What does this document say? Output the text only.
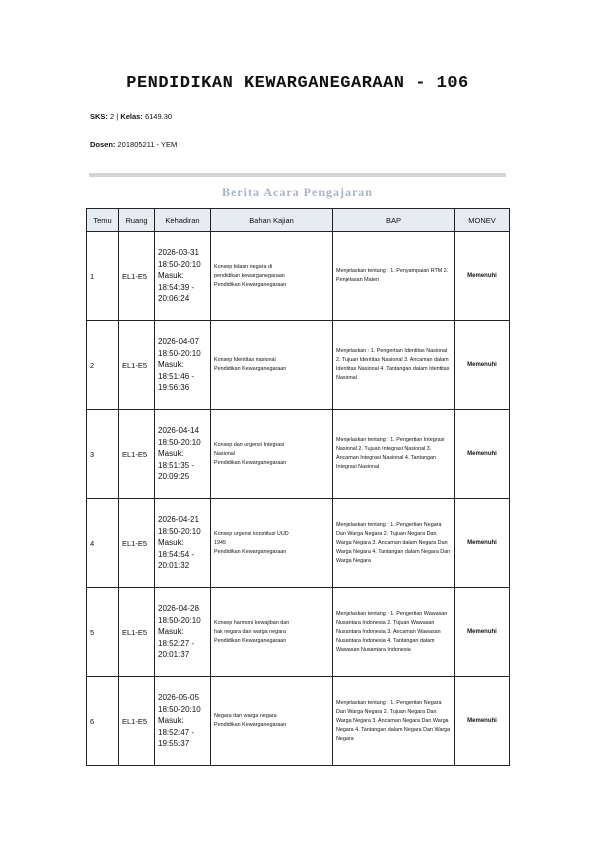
PENDIDIKAN KEWARGANEGARAAN - 106
SKS: 2 | Kelas: 6149.30
Dosen: 201805211 - YEM
Berita Acara Pengajaran
Temu	Ruang	Kehadiran	Bahan Kajian	BAP	MONEV
1	EL1-E5	2026-03-31 18:50-20:10 Masuk: 18:54:39 - 20:06:24	Konsep tidasn negara di
pendidikan kewarganegaraan
Pendidikan Kewarganegaraan	Menjelaskan tentang : 1. Penyampaian RTM 2. Penjelasan Materi	Memenuhi
2	EL1-E5	2026-04-07 18:50-20:10 Masuk: 18:51:46 - 19:56:36	Konsep Identitas nasional
Pendidikan Kewarganegaraan	Menjelaskan : 1. Pengertian Identitas Nasional 2. Tujuan Identitas Nasional 3. Ancaman dalam Identitas Nasional 4. Tantangan dalam Identitas Nasional	Memenuhi
3	EL1-E5	2026-04-14 18:50-20:10 Masuk: 18:51:35 - 20:09:25	Konsep dan urgensi Integrasi
Nasional
Pendidikan Kewarganegaraan	Menjelaskan tentang : 1. Pengertian Integrasi Nasional 2. Tujuan Integrasi Nasional 3. Ancaman Integrasi Nasional 4. Tantangan Integrasi Nasional	Memenuhi
4	EL1-E5	2026-04-21 18:50-20:10 Masuk: 18:54:54 - 20:01:32	Konsep urgensi konstitusi UUD
1945
Pendidikan Kewarganegaraan	Menjelaskan tentang : 1. Pengertian Negara Dan Warga Negara 2. Tujuan Negara Dan Warga Negara 3. Ancaman dalam Negara Dan Warga Negara 4. Tantangan dalam Negara Dan Warga Negara	Memenuhi
5	EL1-E5	2026-04-28 18:50-20:10 Masuk: 18:52:27 - 20:01:37	Konsep harmoni kewajiban dan
hak negara dan warga negara
Pendidikan Kewarganegaraan	Menjelaskan tentang : 1. Pengertian Wawasan Nusantara Indonesia 2. Tujuan Wawasan Nusantara Indonesia 3. Ancaman Wawasan Nusantara Indonesia 4. Tantangan dalam Wawasan Nusantara Indonesia	Memenuhi
6	EL1-E5	2026-05-05 18:50-20:10 Masuk: 18:52:47 - 19:55:37	Negara dan warga negara
Pendidikan Kewarganegaraan	Menjelaskan tentang : 1. Pengertian Negara Dan Warga Negara 2. Tujuan Negara Dan Warga Negara 3. Ancaman Negara Dan Warga Negara 4. Tantangan dalam Negara Dan Warga Negara	Memenuhi
